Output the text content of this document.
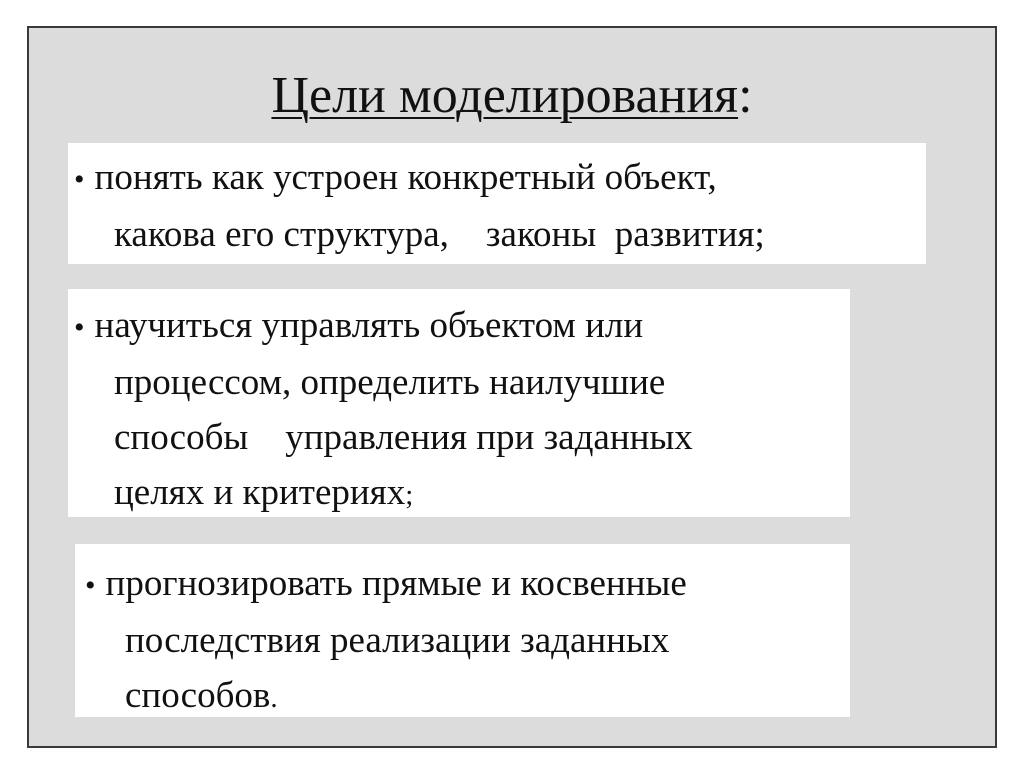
Цели моделирования:
• понять как устроен конкретный объект,
какова его структура,    законы  развития;
• научиться управлять объектом или
процессом, определить наилучшие
способы    управления при заданных
целях и критериях;
• прогнозировать прямые и косвенные
последствия реализации заданных
способов.
